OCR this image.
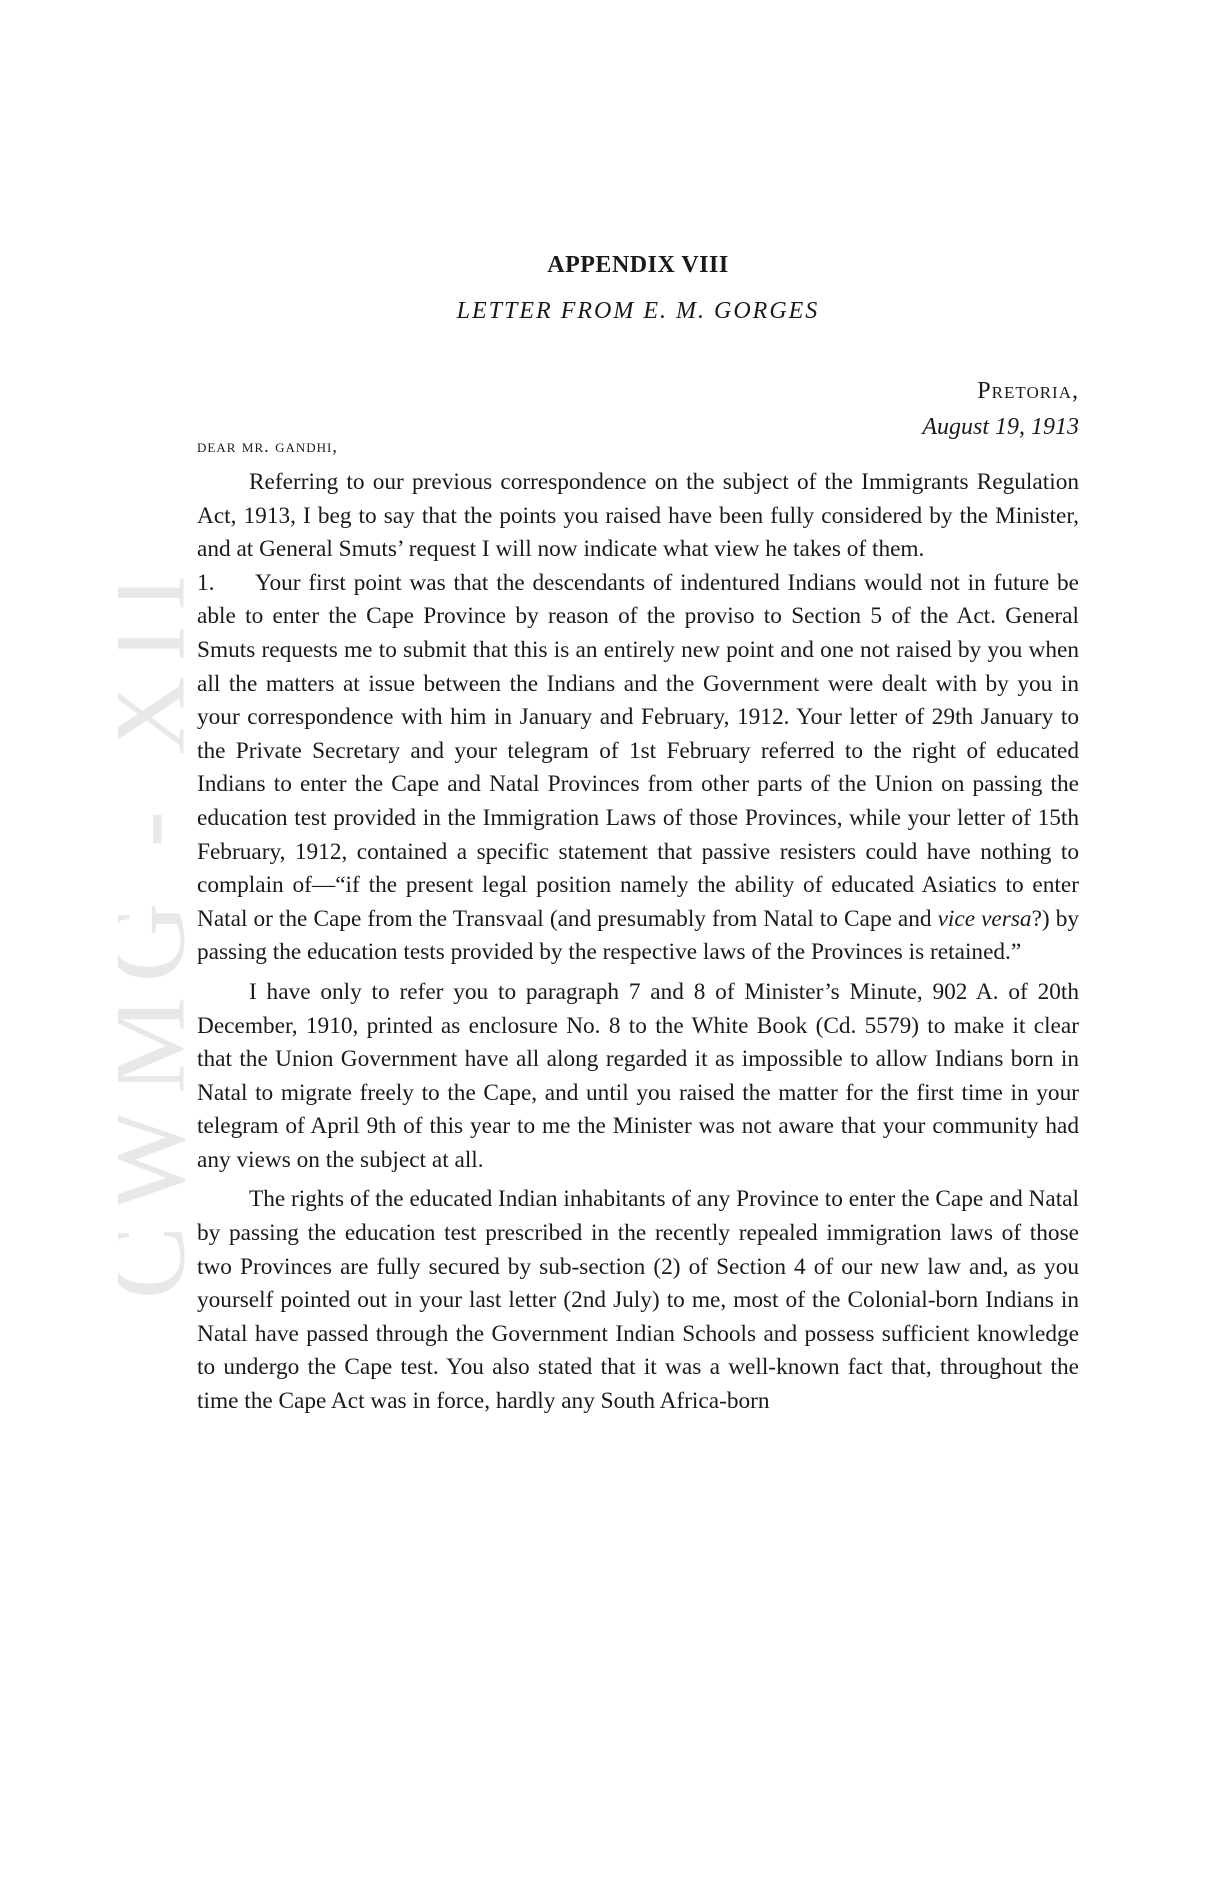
CWMG XII
APPENDIX VIII
LETTER FROM E. M. GORGES
Pretoria,
August 19, 1913
dear mr. gandhi,

Referring to our previous correspondence on the subject of the Immigrants Regulation Act, 1913, I beg to say that the points you raised have been fully considered by the Minister, and at General Smuts’ request I will now indicate what view he takes of them.

1. Your first point was that the descendants of indentured Indians would not in future be able to enter the Cape Province by reason of the proviso to Section 5 of the Act. General Smuts requests me to submit that this is an entirely new point and one not raised by you when all the matters at issue between the Indians and the Government were dealt with by you in your correspondence with him in January and February, 1912. Your letter of 29th January to the Private Secretary and your telegram of 1st February referred to the right of educated Indians to enter the Cape and Natal Provinces from other parts of the Union on passing the education test provided in the Immigration Laws of those Provinces, while your letter of 15th February, 1912, contained a specific statement that passive resisters could have nothing to complain of—“if the present legal position namely the ability of educated Asiatics to enter Natal or the Cape from the Transvaal (and presumably from Natal to Cape and vice versa?) by passing the education tests provided by the respective laws of the Provinces is retained.”

I have only to refer you to paragraph 7 and 8 of Minister’s Minute, 902 A. of 20th December, 1910, printed as enclosure No. 8 to the White Book (Cd. 5579) to make it clear that the Union Government have all along regarded it as impossible to allow Indians born in Natal to migrate freely to the Cape, and until you raised the matter for the first time in your telegram of April 9th of this year to me the Minister was not aware that your community had any views on the subject at all.

The rights of the educated Indian inhabitants of any Province to enter the Cape and Natal by passing the education test prescribed in the recently repealed immigration laws of those two Provinces are fully secured by sub-section (2) of Section 4 of our new law and, as you yourself pointed out in your last letter (2nd July) to me, most of the Colonial-born Indians in Natal have passed through the Government Indian Schools and possess sufficient knowledge to undergo the Cape test. You also stated that it was a well-known fact that, throughout the time the Cape Act was in force, hardly any South Africa-born
